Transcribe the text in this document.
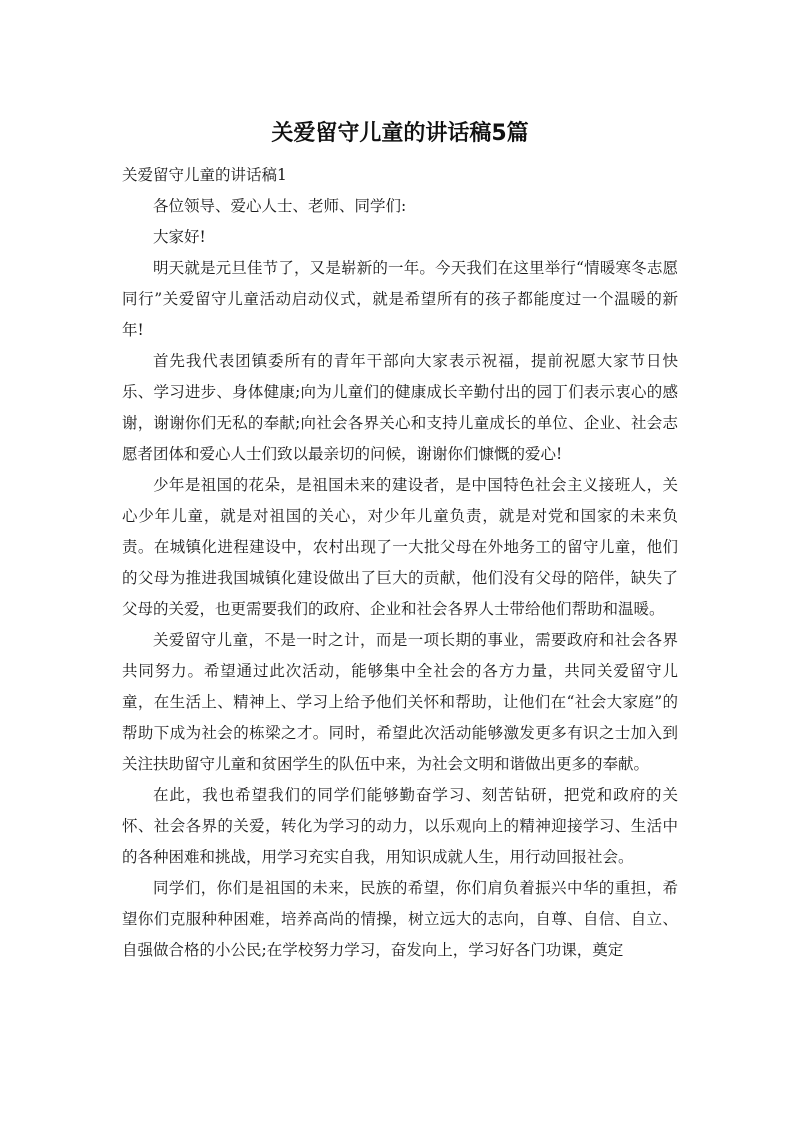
关爱留守儿童的讲话稿5篇

关爱留守儿童的讲话稿1

各位领导、爱心人士、老师、同学们:

大家好!

明天就是元旦佳节了，又是崭新的一年。今天我们在这里举行“情暖寒冬志愿同行”关爱留守儿童活动启动仪式，就是希望所有的孩子都能度过一个温暖的新年!

首先我代表团镇委所有的青年干部向大家表示祝福，提前祝愿大家节日快乐、学习进步、身体健康;向为儿童们的健康成长辛勤付出的园丁们表示衷心的感谢，谢谢你们无私的奉献;向社会各界关心和支持儿童成长的单位、企业、社会志愿者团体和爱心人士们致以最亲切的问候，谢谢你们慷慨的爱心!

少年是祖国的花朵，是祖国未来的建设者，是中国特色社会主义接班人，关心少年儿童，就是对祖国的关心，对少年儿童负责，就是对党和国家的未来负责。在城镇化进程建设中，农村出现了一大批父母在外地务工的留守儿童，他们的父母为推进我国城镇化建设做出了巨大的贡献，他们没有父母的陪伴，缺失了父母的关爱，也更需要我们的政府、企业和社会各界人士带给他们帮助和温暖。

关爱留守儿童，不是一时之计，而是一项长期的事业，需要政府和社会各界共同努力。希望通过此次活动，能够集中全社会的各方力量，共同关爱留守儿童，在生活上、精神上、学习上给予他们关怀和帮助，让他们在“社会大家庭”的帮助下成为社会的栋梁之才。同时，希望此次活动能够激发更多有识之士加入到关注扶助留守儿童和贫困学生的队伍中来，为社会文明和谐做出更多的奉献。

在此，我也希望我们的同学们能够勤奋学习、刻苦钻研，把党和政府的关怀、社会各界的关爱，转化为学习的动力，以乐观向上的精神迎接学习、生活中的各种困难和挑战，用学习充实自我，用知识成就人生，用行动回报社会。

同学们，你们是祖国的未来，民族的希望，你们肩负着振兴中华的重担，希望你们克服种种困难，培养高尚的情操，树立远大的志向，自尊、自信、自立、自强做合格的小公民;在学校努力学习，奋发向上，学习好各门功课，奠定
